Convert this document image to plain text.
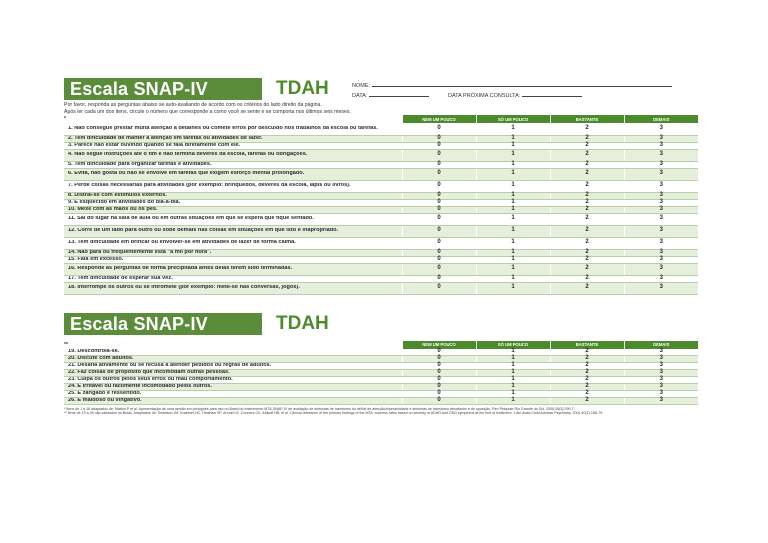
Escala SNAP-IV	TDAH	NOME:
DATA:	DATA PRÓXIMA CONSULTA:
Por favor, responda as perguntas abaixo se auto-avaliando de acordo com os critérios do lado direito da página.
Após ler cada um dos itens, circule o número que corresponde a como você se sente e se comporta nos últimos seis meses.
*	NEM UM POUCO	SÓ UM POUCO	BASTANTE	DEMAIS

1. Não consegue prestar muita atenção a detalhes ou comete erros por descuido nos trabalhos da escola ou tarefas.	0	1	2	3

2. Tem dificuldade de manter a atenção em tarefas ou atividades de lazer.	0	1	2	3

3. Parece não estar ouvindo quando se fala diretamente com ele.	0	1	2	3

4. Não segue instruções até o fim e não termina deveres da escola, tarefas ou obrigações.	0	1	2	3

5. Tem dificuldade para organizar tarefas e atividades.	0	1	2	3

6. Evita, não gosta ou não se envolve em tarefas que exigem esforço mental prolongado.	0	1	2	3

7. Perde coisas necessárias para atividades (por exemplo: brinquedos, deveres da escola, lápis ou livros).	0	1	2	3

8. Distrai-se com estímulos externos.	0	1	2	3

9. É esquecido em atividades do dia-a-dia.	0	1	2	3

10. Mexe com as mãos ou os pés.	0	1	2	3

11. Sai do lugar na sala de aula ou em outras situações em que se espera que fique sentado.	0	1	2	3

12. Corre de um lado para outro ou sobe demais nas coisas em situações em que isto é inapropriado.	0	1	2	3

13. Tem dificuldade em brincar ou envolver-se em atividades de lazer de forma calma.	0	1	2	3

14. Não para ou frequentemente está "a mil por hora".	0	1	2	3

15. Fala em excesso.	0	1	2	3

16. Responde as perguntas de forma precipitada antes delas terem sido terminadas.	0	1	2	3

17. Tem dificuldade de esperar sua vez.	0	1	2	3

18. Interrompe os outros ou se intromete (por exemplo: mete-se nas conversas, jogos).	0	1	2	3
Escala SNAP-IV	TDAH
**	NEM UM POUCO	SÓ UM POUCO	BASTANTE	DEMAIS

19. Descontrola-se.	0	1	2	3

20. Discute com adultos.	0	1	2	3

21. Desafia ativamente ou se recusa a atender pedidos ou regras de adultos.	0	1	2	3

22. Faz coisas de propósito que incomodam outras pessoas.	0	1	2	3

23. Culpa os outros pelos seus erros ou mau comportamento.	0	1	2	3

24. É irritável ou facilmente incomodado pelos outros.	0	1	2	3

25. É zangado e ressentido.	0	1	2	3

26. É maldoso ou vingativo.	0	1	2	3
* Itens de 1 a 18 adaptados de: Mattos P et al. Apresentação de uma versão em português para uso no Brasil do instrumento MTA-SNAP-IV de avaliação de sintomas de transtorno do déficit de atenção/hiperatividade e sintomas de transtorno desafiador e de oposição. Rev Psiquiatr Rio Grande do Sul. 2006;28(3):290-7.
** Itens de 19 a 26 não validados no Brasil. Adaptados de: Swanson JM, Kraemer HC, Hinshaw SP, Arnold LE, Conners CK, Abikoff HB, et al. Clinical relevance of the primary findings of the MTA: success rates based on severity of ADHD and ODD symptoms at the end of treatment. J Am Acad Child Adolesc Psychiatry. 2001;40(2):168-79.
